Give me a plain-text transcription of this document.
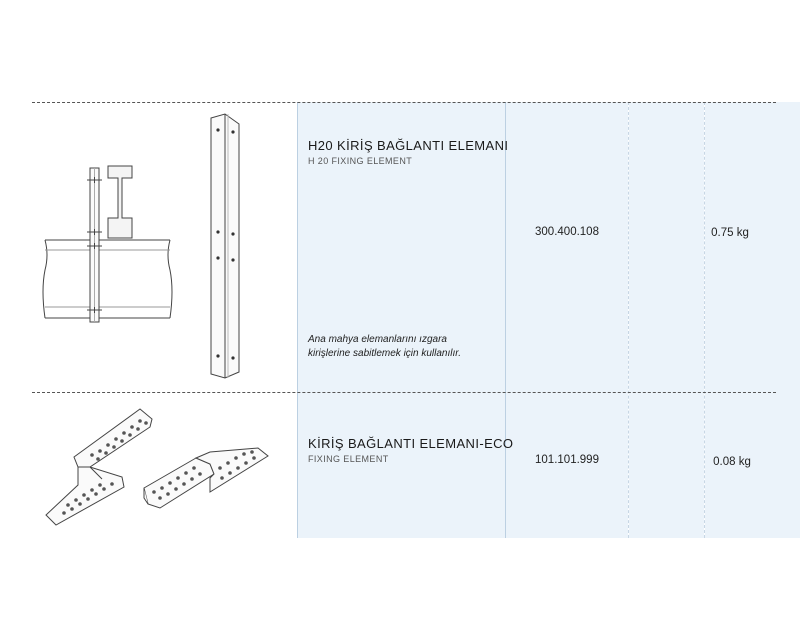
H20 KİRİŞ BAĞLANTI ELEMANI
H 20 FIXING ELEMENT
Ana mahya elemanlarını ızgara
kirişlerine sabitlemek için kullanılır.
300.400.108	0.75 kg
KİRİŞ BAĞLANTI ELEMANI-ECO
FIXING ELEMENT	101.101.999	0.08 kg
